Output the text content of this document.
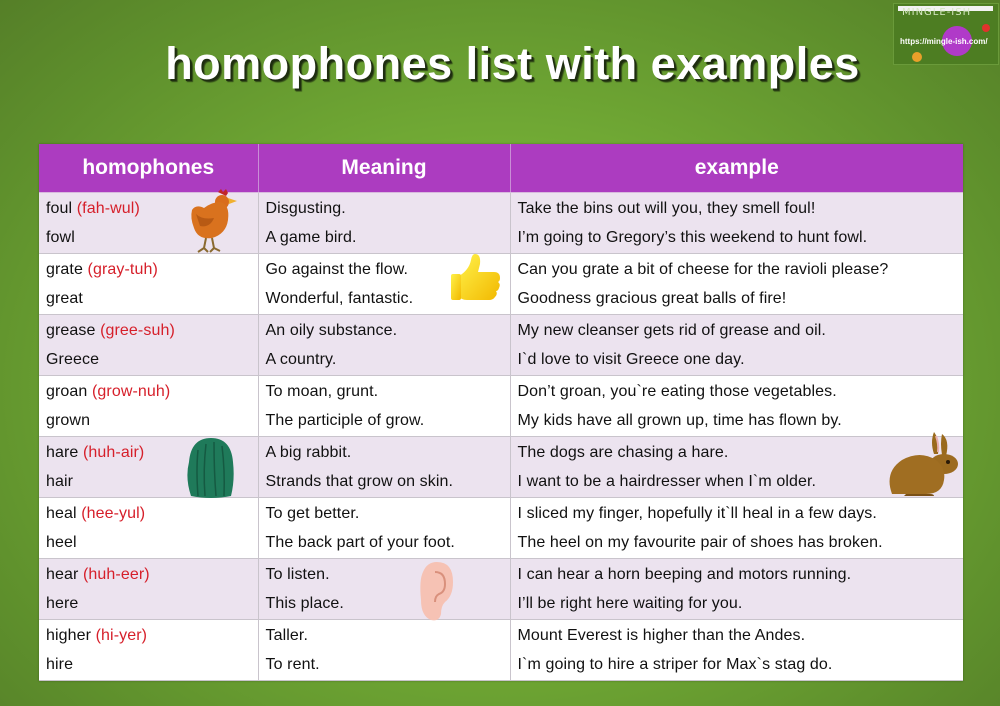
homophones list with examples
MINGLE-ISH
https://mingle-ish.com/
homophones	Meaning	example
foul (fah-wul)	Disgusting.	Take the bins out will you, they smell foul!
fowl	A game bird.	I’m going to Gregory’s this weekend to hunt fowl.
grate (gray-tuh)	Go against the flow.	Can you grate a bit of cheese for the ravioli please?
great	Wonderful, fantastic.	Goodness gracious great balls of fire!
grease (gree-suh)	An oily substance.	My new cleanser gets rid of grease and oil.
Greece	A country.	I`d love to visit Greece one day.
groan (grow-nuh)	To moan, grunt.	Don’t groan, you`re eating those vegetables.
grown	The participle of grow.	My kids have all grown up, time has flown by.
hare (huh-air)	A big rabbit.	The dogs are chasing a hare.
hair	Strands that grow on skin.	I want to be a hairdresser when I`m older.
heal (hee-yul)	To get better.	I sliced my finger, hopefully it`ll heal in a few days.
heel	The back part of your foot.	The heel on my favourite pair of shoes has broken.
hear (huh-eer)	To listen.	I can hear a horn beeping and motors running.
here	This place.	I’ll be right here waiting for you.
higher (hi-yer)	Taller.	Mount Everest is higher than the Andes.
hire	To rent.	I`m going to hire a striper for Max`s stag do.
